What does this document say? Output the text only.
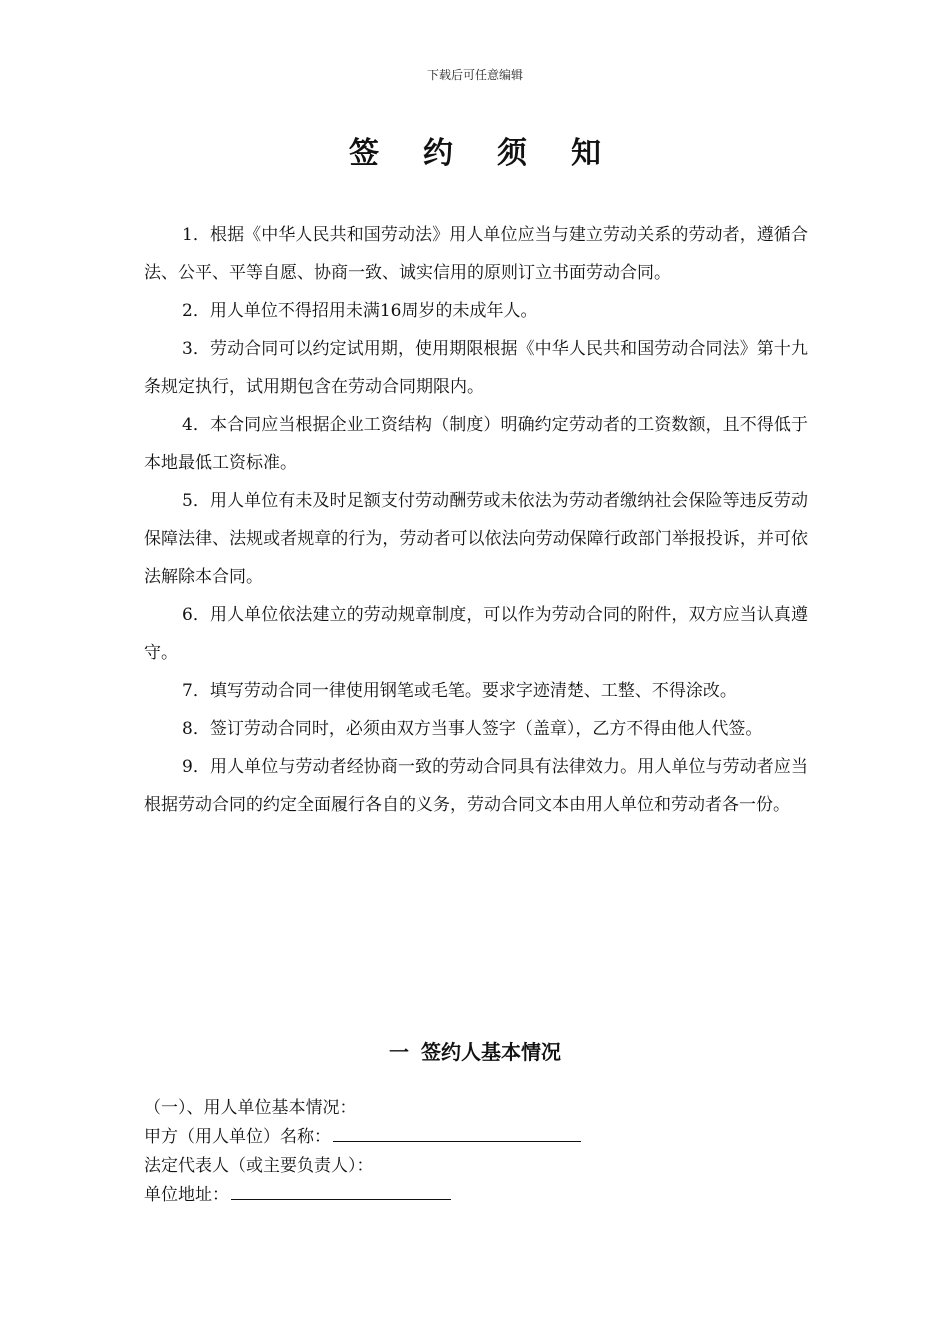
下载后可任意编辑
签约须知

1．根据《中华人民共和国劳动法》用人单位应当与建立劳动关系的劳动者，遵循合法、公平、平等自愿、协商一致、诚实信用的原则订立书面劳动合同。

2．用人单位不得招用未满16周岁的未成年人。

3．劳动合同可以约定试用期，使用期限根据《中华人民共和国劳动合同法》第十九条规定执行，试用期包含在劳动合同期限内。

4．本合同应当根据企业工资结构（制度）明确约定劳动者的工资数额，且不得低于本地最低工资标准。

5．用人单位有未及时足额支付劳动酬劳或未依法为劳动者缴纳社会保险等违反劳动保障法律、法规或者规章的行为，劳动者可以依法向劳动保障行政部门举报投诉，并可依法解除本合同。

6．用人单位依法建立的劳动规章制度，可以作为劳动合同的附件，双方应当认真遵守。

7．填写劳动合同一律使用钢笔或毛笔。要求字迹清楚、工整、不得涂改。

8．签订劳动合同时，必须由双方当事人签字（盖章），乙方不得由他人代签。

9．用人单位与劳动者经协商一致的劳动合同具有法律效力。用人单位与劳动者应当根据劳动合同的约定全面履行各自的义务，劳动合同文本由用人单位和劳动者各一份。

一 签约人基本情况
（一）、用人单位基本情况：
甲方（用人单位）名称：
法定代表人（或主要负责人）：
单位地址：
